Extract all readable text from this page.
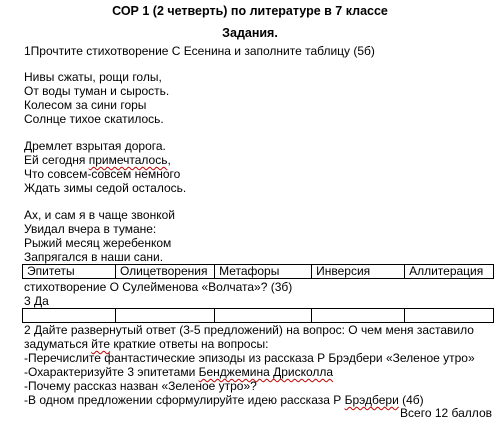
СОР 1 (2 четверть) по литературе в 7 классе
Задания.
1Прочтите стихотворение С Есенина и заполните таблицу (5б)
Нивы сжаты, рощи голы,
От воды туман и сырость.
Колесом за сини горы
Солнце тихое скатилось.
Дремлет взрытая дорога.
Ей сегодня примечталось,
Что совсем-совсем немного
Ждать зимы седой осталось.
Ах, и сам я в чаще звонкой
Увидал вчера в тумане:
Рыжий месяц жеребенком
Запрягался в наши сани.
Эпитеты	Олицетворения	Метафоры	Инверсия	Аллитерация
стихотворение О Сулейменова «Волчата»? (3б)
3 Да

2 Дайте развернутый ответ (3-5 предложений) на вопрос: О чем меня заставило
задуматься йте краткие ответы на вопросы:
-Перечислите фантастические эпизоды из рассказа Р Брэдбери «Зеленое утро»
-Охарактеризуйте 3 эпитетами Бенджемина Дрисколла
-Почему рассказ назван «Зеленое утро»?
-В одном предложении сформулируйте идею рассказа Р Брэдбери (4б)
Всего 12 баллов
